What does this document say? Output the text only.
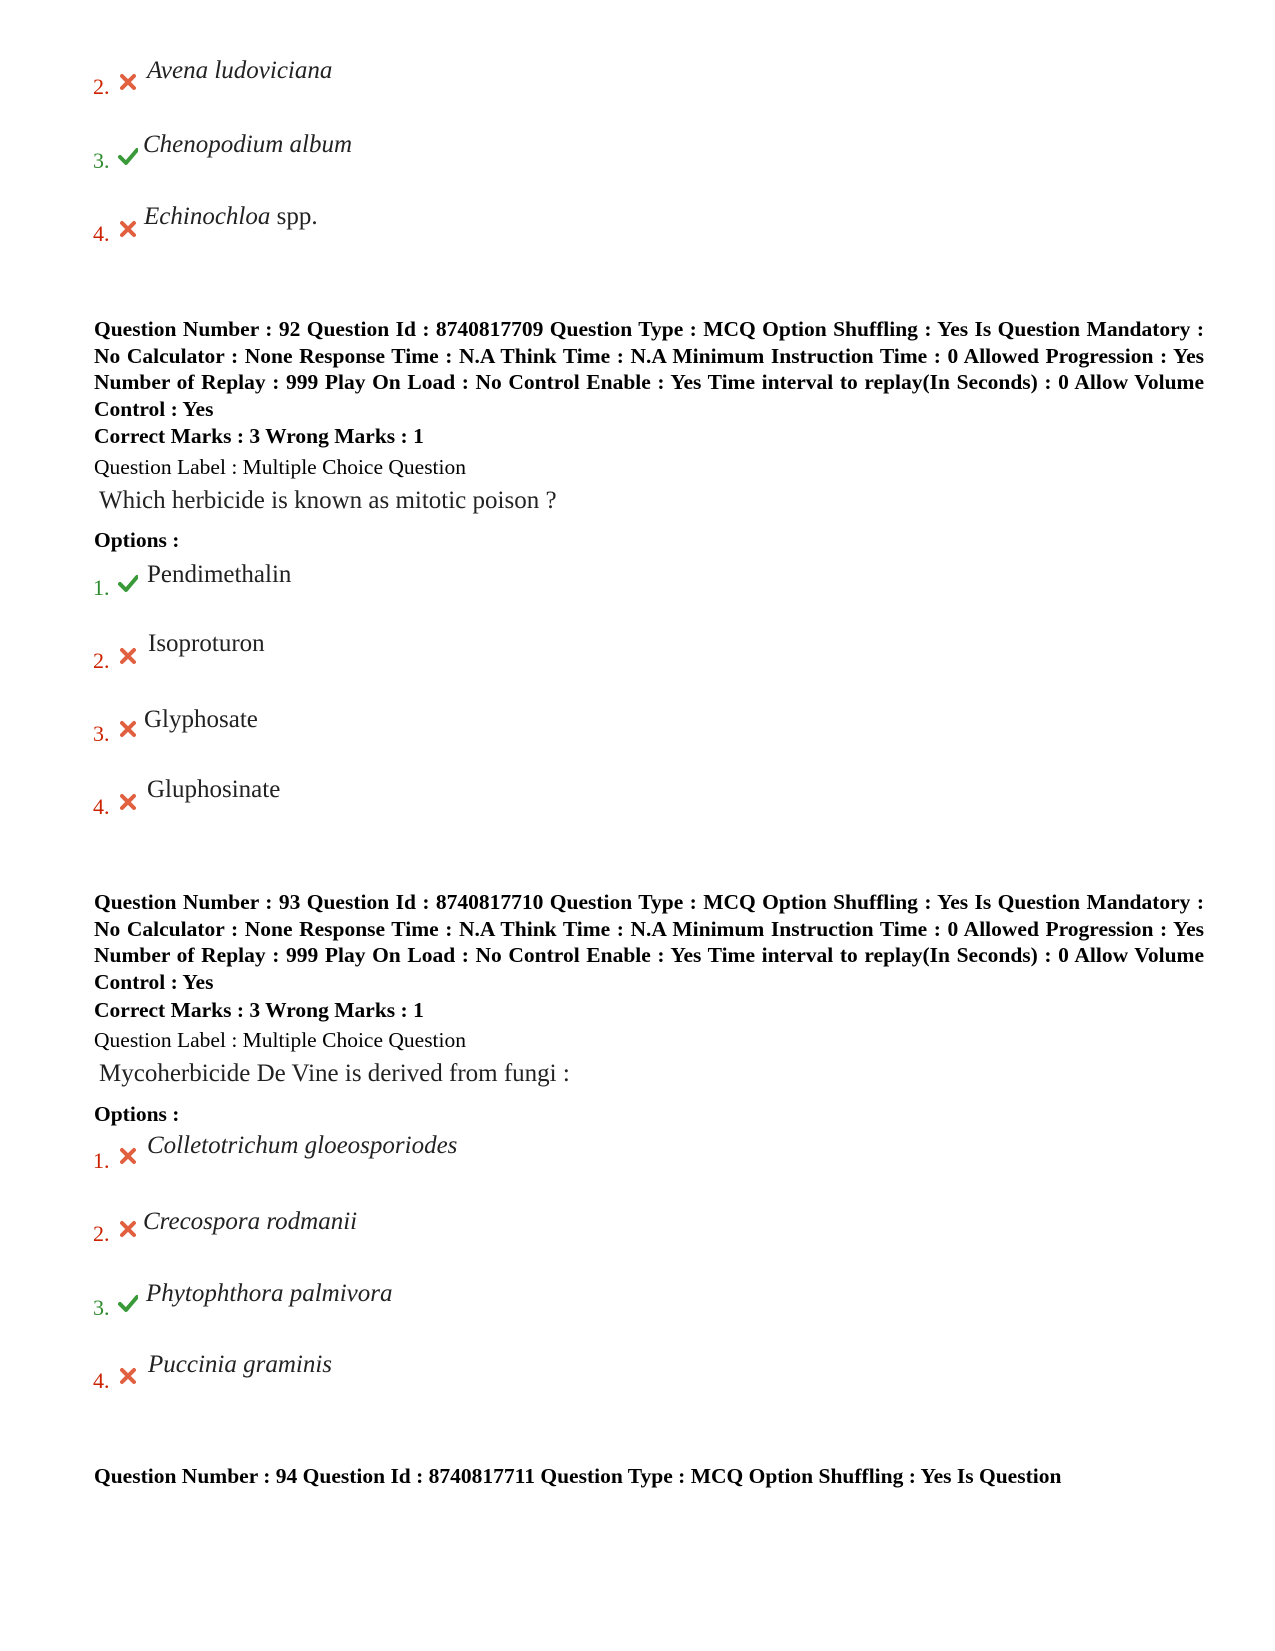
2.
Avena ludoviciana
3.
Chenopodium album
4.
Echinochloa spp.
Question Number : 92 Question Id : 8740817709 Question Type : MCQ Option Shuffling : Yes Is Question Mandatory : No Calculator : None Response Time : N.A Think Time : N.A Minimum Instruction Time : 0 Allowed Progression : Yes Number of Replay : 999 Play On Load : No Control Enable : Yes Time interval to replay(In Seconds) : 0 Allow Volume Control : Yes
Correct Marks : 3 Wrong Marks : 1
Question Label : Multiple Choice Question
Which herbicide is known as mitotic poison ?
Options :
1. Pendimethalin
2.
Isoproturon
3.
Glyphosate
4.
Gluphosinate
Question Number : 93 Question Id : 8740817710 Question Type : MCQ Option Shuffling : Yes Is Question Mandatory : No Calculator : None Response Time : N.A Think Time : N.A Minimum Instruction Time : 0 Allowed Progression : Yes Number of Replay : 999 Play On Load : No Control Enable : Yes Time interval to replay(In Seconds) : 0 Allow Volume Control : Yes
Correct Marks : 3 Wrong Marks : 1
Question Label : Multiple Choice Question
Mycoherbicide De Vine is derived from fungi :
Options :
1.
Colletotrichum gloeosporiodes
2. Crecospora rodmanii
3.
Phytophthora palmivora
4.
Puccinia graminis
Question Number : 94 Question Id : 8740817711 Question Type : MCQ Option Shuffling : Yes Is Question
